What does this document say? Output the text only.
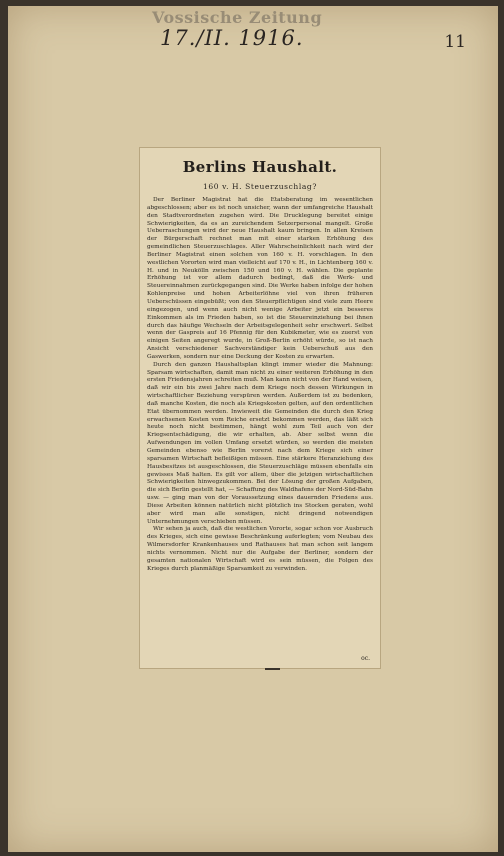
Vossische Zeitung
17./II. 1916.	11
Berlins Haushalt.
160 v. H. Steuerzuschlag?

Der Berliner Magistrat hat die Etatsberatung im wesentlichen abgeschlossen; aber es ist noch unsicher, wann der umfangreiche Haushalt den Stadtverordneten zugehen wird. Die Drucklegung bereitet einige Schwierigkeiten, da es an zureichendem Setzerpersonal mangelt. Große Ueberraschungen wird der neue Haushalt kaum bringen. In allen Kreisen der Bürgerschaft rechnet man mit einer starken Erhöhung des gemeindlichen Steuerzuschlages. Aller Wahrscheinlichkeit nach wird der Berliner Magistrat einen solchen von 160 v. H. vorschlagen. In den westlichen Vororten wird man vielleicht auf 170 v. H., in Lichtenberg 160 v. H. und in Neukölln zwischen 150 und 160 v. H. wählen. Die geplante Erhöhung ist vor allem dadurch bedingt, daß die Werk- und Steuereinnahmen zurückgegangen sind. Die Werke haben infolge der hohen Kohlenpreise und hohen Arbeiterlöhne viel von ihren früheren Ueberschüssen eingebüßt; von den Steuerpflichtigen sind viele zum Heere eingezogen, und wenn auch nicht wenige Arbeiter jetzt ein besseres Einkommen als im Frieden haben, so ist die Steuereinziehung bei ihnen durch das häufige Wechseln der Arbeitsgelegenheit sehr erschwert. Selbst wenn der Gaspreis auf 16 Pfennig für den Kubikmeter, wie es zuerst von einigen Seiten angeregt wurde, in Groß-Berlin erhöht würde, so ist nach Ansicht verschiedener Sachverständiger kein Ueberschuß aus den Gaswerken, sondern nur eine Deckung der Kosten zu erwarten.

Durch den ganzen Haushaltsplan klingt immer wieder die Mahnung: Sparsam wirtschaften, damit man nicht zu einer weiteren Erhöhung in den ersten Friedensjahren schreiten muß. Man kann nicht von der Hand weisen, daß wir ein bis zwei Jahre nach dem Kriege noch dessen Wirkungen in wirtschaftlicher Beziehung verspüren werden. Außerdem ist zu bedenken, daß manche Kosten, die noch als Kriegskosten gelten, auf den ordentlichen Etat übernommen werden. Inwieweit die Gemeinden die durch den Krieg erwachsenen Kosten vom Reiche ersetzt bekommen werden, das läßt sich heute noch nicht bestimmen, hängt wohl zum Teil auch von der Kriegsentschädigung, die wir erhalten, ab. Aber selbst wenn die Aufwendungen im vollen Umfang ersetzt würden, so werden die meisten Gemeinden ebenso wie Berlin vorerst nach dem Kriege sich einer sparsamen Wirtschaft befleißigen müssen. Eine stärkere Heranziehung des Hausbesitzes ist ausgeschlossen, die Steuerzuschläge müssen ebenfalls ein gewisses Maß halten. Es gilt vor allem, über die jetzigen wirtschaftlichen Schwierigkeiten hinwegzukommen. Bei der Lösung der großen Aufgaben, die sich Berlin gestellt hat, — Schaffung des Waldhafens der Nord-Süd-Bahn usw. — ging man von der Voraussetzung eines dauernden Friedens aus. Diese Arbeiten können natürlich nicht plötzlich ins Stocken geraten, wohl aber wird man alle sonstigen, nicht dringend notwendigen Unternehmungen verschieben müssen.

Wir sehen ja auch, daß die westlichen Vororte, sogar schon vor Ausbruch des Krieges, sich eine gewisse Beschränkung auferlegten; vom Neubau des Wilmersdorfer Krankenhauses und Rathauses hat man schon seit langem nichts vernommen. Nicht nur die Aufgabe der Berliner, sondern der gesamten nationalen Wirtschaft wird es sein müssen, die Folgen des Krieges durch planmäßige Sparsamkeit zu verwinden.

oc.
